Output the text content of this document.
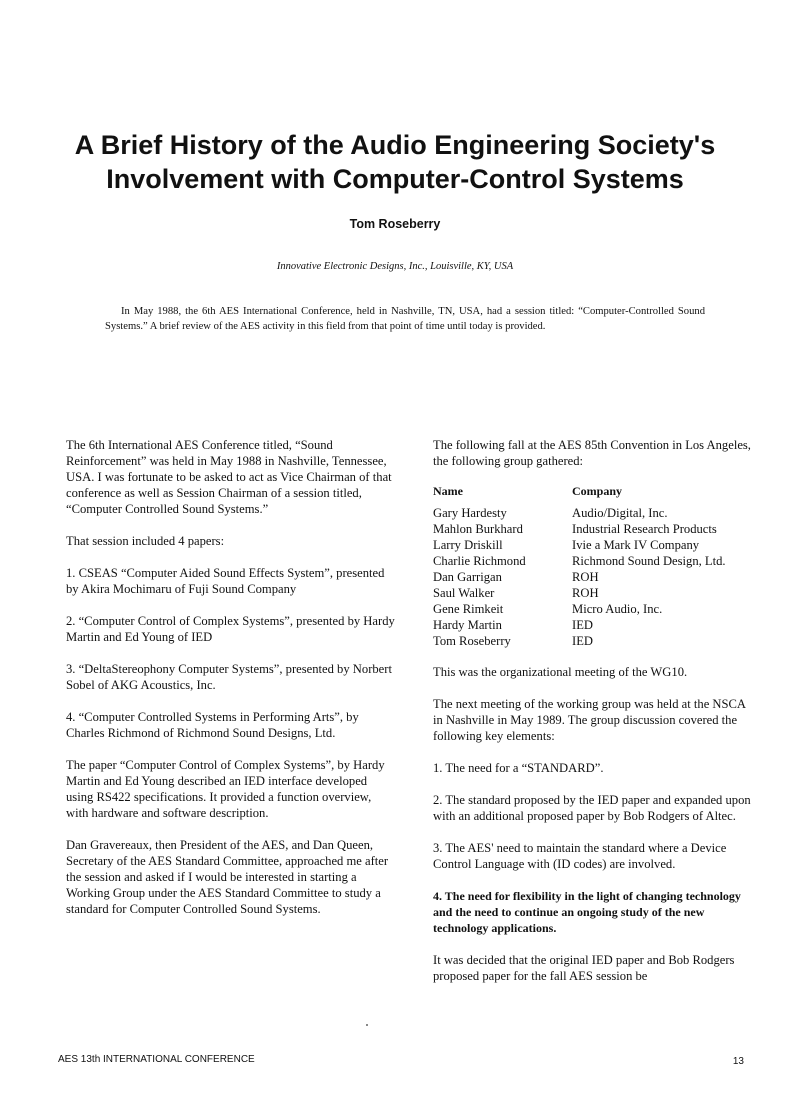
A Brief History of the Audio Engineering Society's
Involvement with Computer-Control Systems
Tom Roseberry
Innovative Electronic Designs, Inc., Louisville, KY, USA

In May 1988, the 6th AES International Conference, held in Nashville, TN, USA, had a session titled: “Computer-Controlled Sound Systems.” A brief review of the AES activity in this field from that point of time until today is provided.

The 6th International AES Conference titled, “Sound Reinforcement” was held in May 1988 in Nashville, Tennessee, USA. I was fortunate to be asked to act as Vice Chairman of that conference as well as Session Chairman of a session titled, “Computer Controlled Sound Systems.”

That session included 4 papers:

1. CSEAS “Computer Aided Sound Effects System”, presented by Akira Mochimaru of Fuji Sound Company

2. “Computer Control of Complex Systems”, presented by Hardy Martin and Ed Young of IED

3. “DeltaStereophony Computer Systems”, presented by Norbert Sobel of AKG Acoustics, Inc.

4. “Computer Controlled Systems in Performing Arts”, by Charles Richmond of Richmond Sound Designs, Ltd.

The paper “Computer Control of Complex Systems”, by Hardy Martin and Ed Young described an IED interface developed using RS422 specifications. It provided a function overview, with hardware and software description.

Dan Gravereaux, then President of the AES, and Dan Queen, Secretary of the AES Standard Committee, approached me after the session and asked if I would be interested in starting a Working Group under the AES Standard Committee to study a standard for Computer Controlled Sound Systems.

The following fall at the AES 85th Convention in Los Angeles, the following group gathered:

Name	Company
Gary Hardesty	Audio/Digital, Inc.
Mahlon Burkhard	Industrial Research Products
Larry Driskill	Ivie a Mark IV Company
Charlie Richmond	Richmond Sound Design, Ltd.
Dan Garrigan	ROH
Saul Walker	ROH
Gene Rimkeit	Micro Audio, Inc.
Hardy Martin	IED
Tom Roseberry	IED

This was the organizational meeting of the WG10.

The next meeting of the working group was held at the NSCA in Nashville in May 1989. The group discussion covered the following key elements:

1. The need for a “STANDARD”.

2. The standard proposed by the IED paper and expanded upon with an additional proposed paper by Bob Rodgers of Altec.

3. The AES' need to maintain the standard where a Device Control Language with (ID codes) are involved.

4. The need for flexibility in the light of changing technology and the need to continue an ongoing study of the new technology applications.

It was decided that the original IED paper and Bob Rodgers proposed paper for the fall AES session be

AES 13th INTERNATIONAL CONFERENCE	13
